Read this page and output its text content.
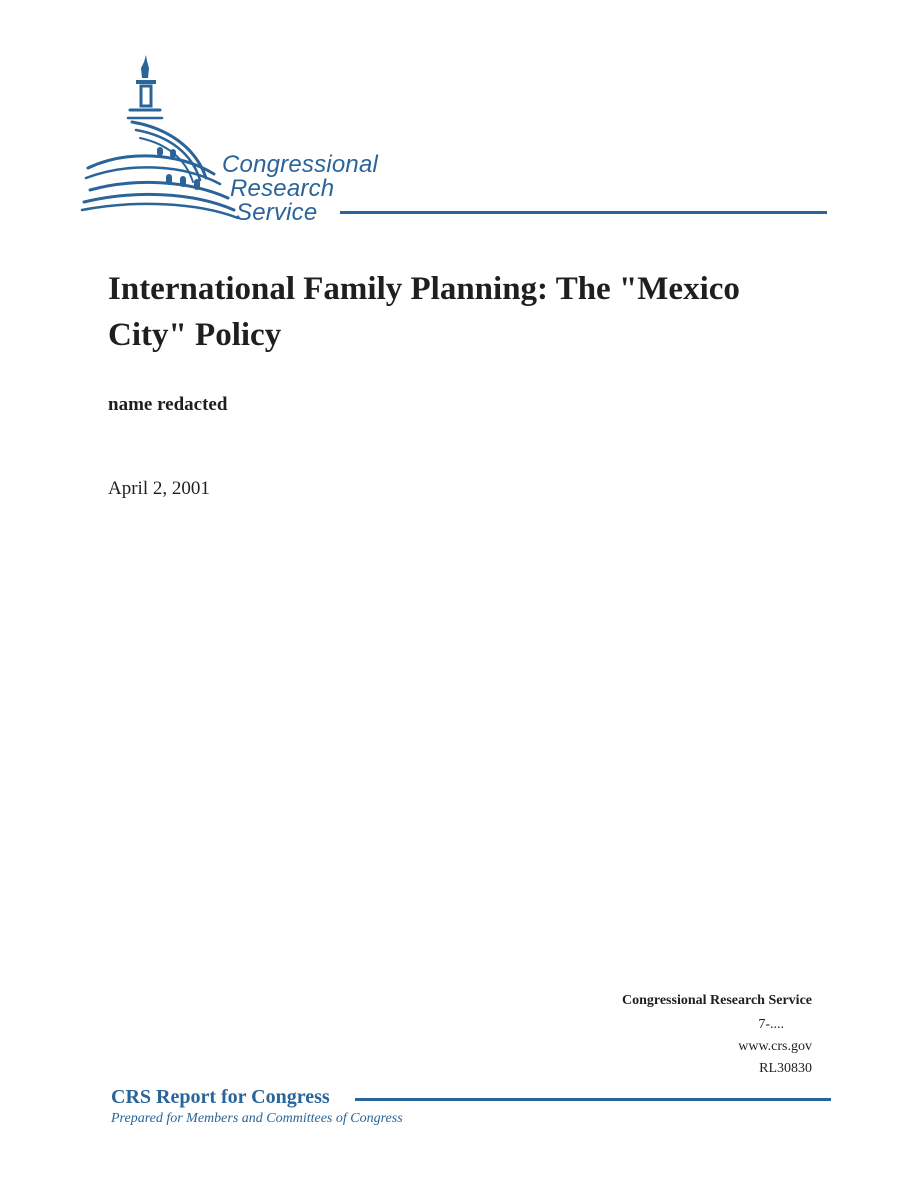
Congressional
Research
Service
International Family Planning: The "Mexico City" Policy
name redacted
April 2, 2001
Congressional Research Service
7-....
www.crs.gov
RL30830
CRS Report for Congress
Prepared for Members and Committees of Congress
